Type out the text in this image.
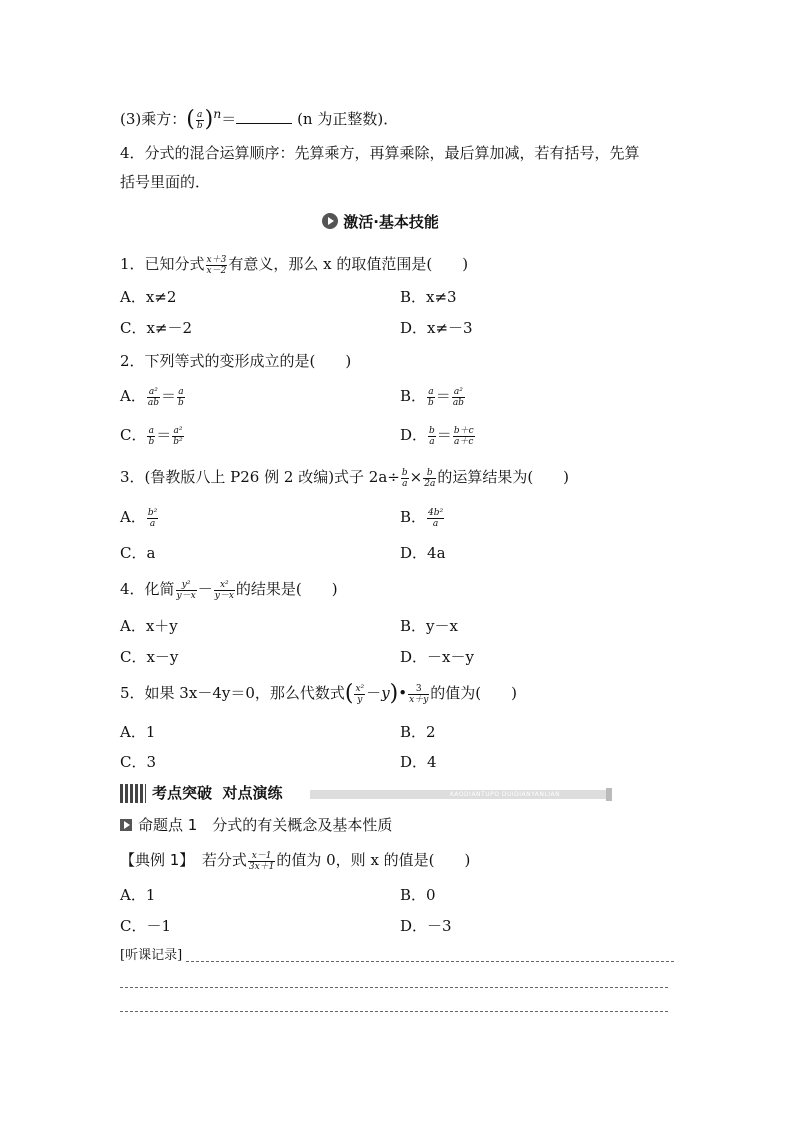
(3)乘方：( $\frac{a}{b} )^n=$	(n 为正整数)．
4．分式的混合运算顺序：先算乘方，再算乘除，最后算加减，若有括号，先算
括号里面的．
激活·基本技能
1．已知分式 $\frac{x+3}{x-2}$ 有意义，那么 x 的取值范围是(　　)
A．x≠2	B．x≠3
C．x≠－2	D．x≠－3
2．下列等式的变形成立的是(　　)
A． $\frac{\text{a²}}{ab} = \frac{a}{b}$	B． $\frac{a}{b} = \frac{\text{a²}}{ab}$
C． $\frac{a}{b} = \frac{\text{a²}}{\text{b²}}$	D． $\frac{b}{a} = \frac{b+c}{a+c}$
3．(鲁教版八上 P26 例 2 改编)式子 $2a\div \frac{b}{a} \times \frac{b}{2a}$ 的运算结果为(　　)
A． $\frac{\text{b²}}{a}$	B． $\frac{\text{4b²}}{a}$
C．a	D．4a
4．化简 $\frac{\text{y²}}{y-x} - \frac{\text{x²}}{y-x}$ 的结果是(　　)
A．x＋y	B．y－x
C．x－y	D．－x－y
5．如果 3x－4y＝0，那么代数式( $\frac{\text{x²}}{y}$ －y)• $\frac{3}{x+y}$ 的值为(　　)
A．1	B．2
C．3	D．4
考点突破  对点演练	KAODIANTUPO DUIDIANYANLIAN
命题点 1　分式的有关概念及基本性质
【典例 1】　 若分式 $\frac{x-1}{3x+1}$ 的值为 0，则 x 的值是(　　)
A．1	B．0
C．－1	D．－3
[听课记录]
